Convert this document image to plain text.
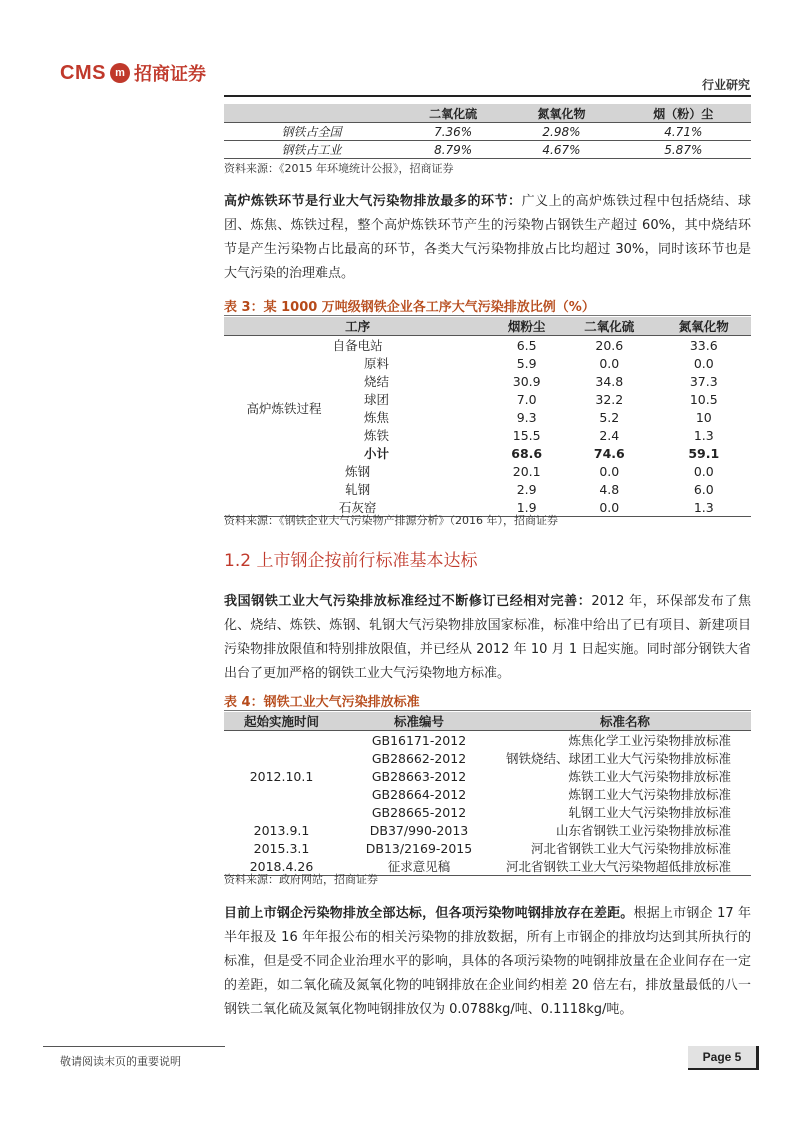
CMS m 招商证券	行业研究
	二氧化硫	氮氧化物	烟（粉）尘
钢铁占全国	7.36%	2.98%	4.71%
钢铁占工业	8.79%	4.67%	5.87%
资料来源：《2015 年环境统计公报》，招商证券
高炉炼铁环节是行业大气污染物排放最多的环节：广义上的高炉炼铁过程中包括烧结、球团、炼焦、炼铁过程，整个高炉炼铁环节产生的污染物占钢铁生产超过 60%，其中烧结环节是产生污染物占比最高的环节，各类大气污染物排放占比均超过 30%，同时该环节也是大气污染的治理难点。
表 3：某 1000 万吨级钢铁企业各工序大气污染排放比例（%）
工序		烟粉尘	二氧化硫	氮氧化物
自备电站		6.5	20.6	33.6
高炉炼铁过程	原料	5.9	0.0	0.0
	烧结	30.9	34.8	37.3
	球团	7.0	32.2	10.5
	炼焦	9.3	5.2	10
	炼铁	15.5	2.4	1.3
	小计	68.6	74.6	59.1
炼钢		20.1	0.0	0.0
轧钢		2.9	4.8	6.0
石灰窑		1.9	0.0	1.3
资料来源：《钢铁企业大气污染物产排源分析》（2016 年），招商证券
1.2 上市钢企按前行标准基本达标
我国钢铁工业大气污染排放标准经过不断修订已经相对完善：2012 年，环保部发布了焦化、烧结、炼铁、炼钢、轧钢大气污染物排放国家标准，标准中给出了已有项目、新建项目污染物排放限值和特别排放限值，并已经从 2012 年 10 月 1 日起实施。同时部分钢铁大省出台了更加严格的钢铁工业大气污染物地方标准。
表 4：钢铁工业大气污染排放标准
起始实施时间	标准编号	标准名称
2012.10.1	GB16171-2012	炼焦化学工业污染物排放标准
	GB28662-2012	钢铁烧结、球团工业大气污染物排放标准
	GB28663-2012	炼铁工业大气污染物排放标准
	GB28664-2012	炼钢工业大气污染物排放标准
	GB28665-2012	轧钢工业大气污染物排放标准
2013.9.1	DB37/990-2013	山东省钢铁工业污染物排放标准
2015.3.1	DB13/2169-2015	河北省钢铁工业大气污染物排放标准
2018.4.26	征求意见稿	河北省钢铁工业大气污染物超低排放标准
资料来源：政府网站，招商证券
目前上市钢企污染物排放全部达标，但各项污染物吨钢排放存在差距。根据上市钢企 17 年半年报及 16 年年报公布的相关污染物的排放数据，所有上市钢企的排放均达到其所执行的标准，但是受不同企业治理水平的影响，具体的各项污染物的吨钢排放量在企业间存在一定的差距，如二氧化硫及氮氧化物的吨钢排放在企业间约相差 20 倍左右，排放量最低的八一钢铁二氧化硫及氮氧化物吨钢排放仅为 0.0788kg/吨、0.1118kg/吨。
敬请阅读末页的重要说明	Page 5
